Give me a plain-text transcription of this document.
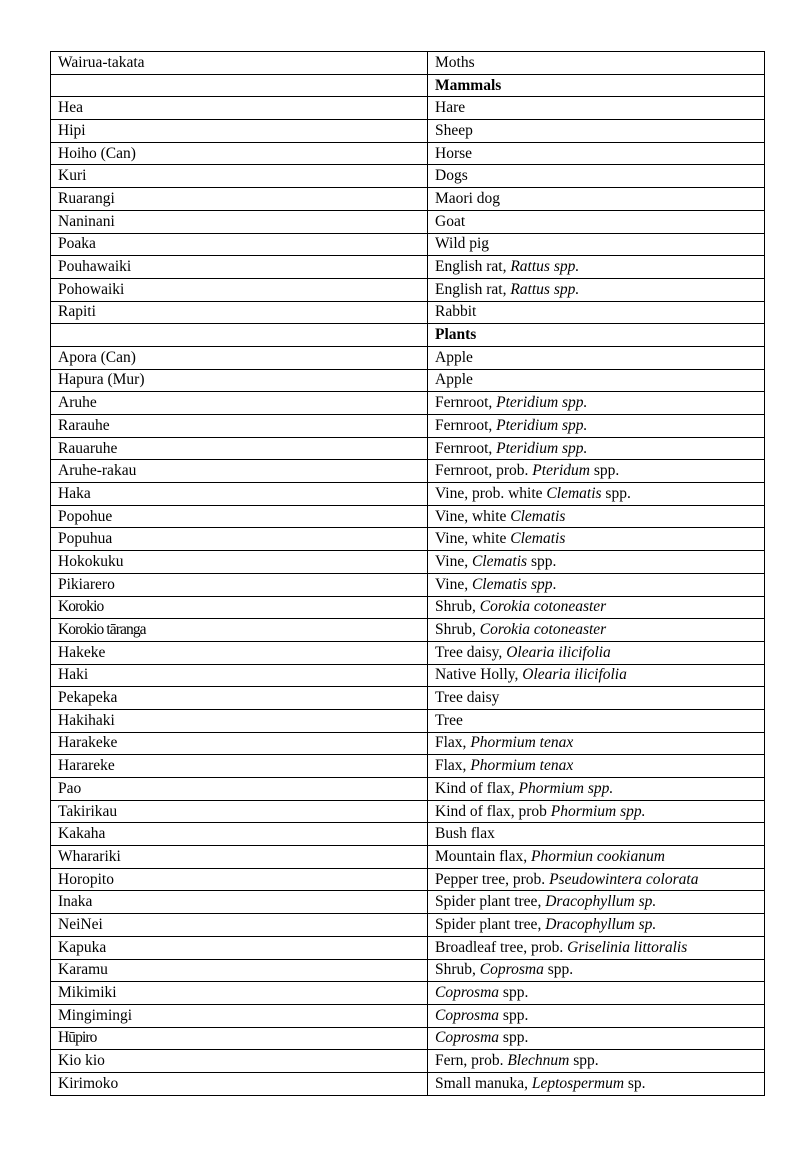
Wairua-takata	Moths
	Mammals
Hea	Hare
Hipi	Sheep
Hoiho (Can)	Horse
Kuri	Dogs
Ruarangi	Maori dog
Naninani	Goat
Poaka	Wild pig
Pouhawaiki	English rat, Rattus spp.
Pohowaiki	English rat, Rattus spp.
Rapiti	Rabbit
	Plants
Apora (Can)	Apple
Hapura (Mur)	Apple
Aruhe	Fernroot, Pteridium spp.
Rarauhe	Fernroot, Pteridium spp.
Rauaruhe	Fernroot, Pteridium spp.
Aruhe-rakau	Fernroot, prob. Pteridum spp.
Haka	Vine, prob. white Clematis spp.
Popohue	Vine, white Clematis
Popuhua	Vine, white Clematis
Hokokuku	Vine, Clematis spp.
Pikiarero	Vine, Clematis spp.
Korokio	Shrub, Corokia cotoneaster
Korokio tāranga	Shrub, Corokia cotoneaster
Hakeke	Tree daisy, Olearia ilicifolia
Haki	Native Holly, Olearia ilicifolia
Pekapeka	Tree daisy
Hakihaki	Tree
Harakeke	Flax, Phormium tenax
Harareke	Flax, Phormium tenax
Pao	Kind of flax, Phormium spp.
Takirikau	Kind of flax, prob Phormium spp.
Kakaha	Bush flax
Wharariki	Mountain flax, Phormiun cookianum
Horopito	Pepper tree, prob. Pseudowintera colorata
Inaka	Spider plant tree, Dracophyllum sp.
NeiNei	Spider plant tree, Dracophyllum sp.
Kapuka	Broadleaf tree, prob. Griselinia littoralis
Karamu	Shrub, Coprosma spp.
Mikimiki	Coprosma spp.
Mingimingi	Coprosma spp.
Hūpiro	Coprosma spp.
Kio kio	Fern, prob. Blechnum spp.
Kirimoko	Small manuka, Leptospermum sp.
